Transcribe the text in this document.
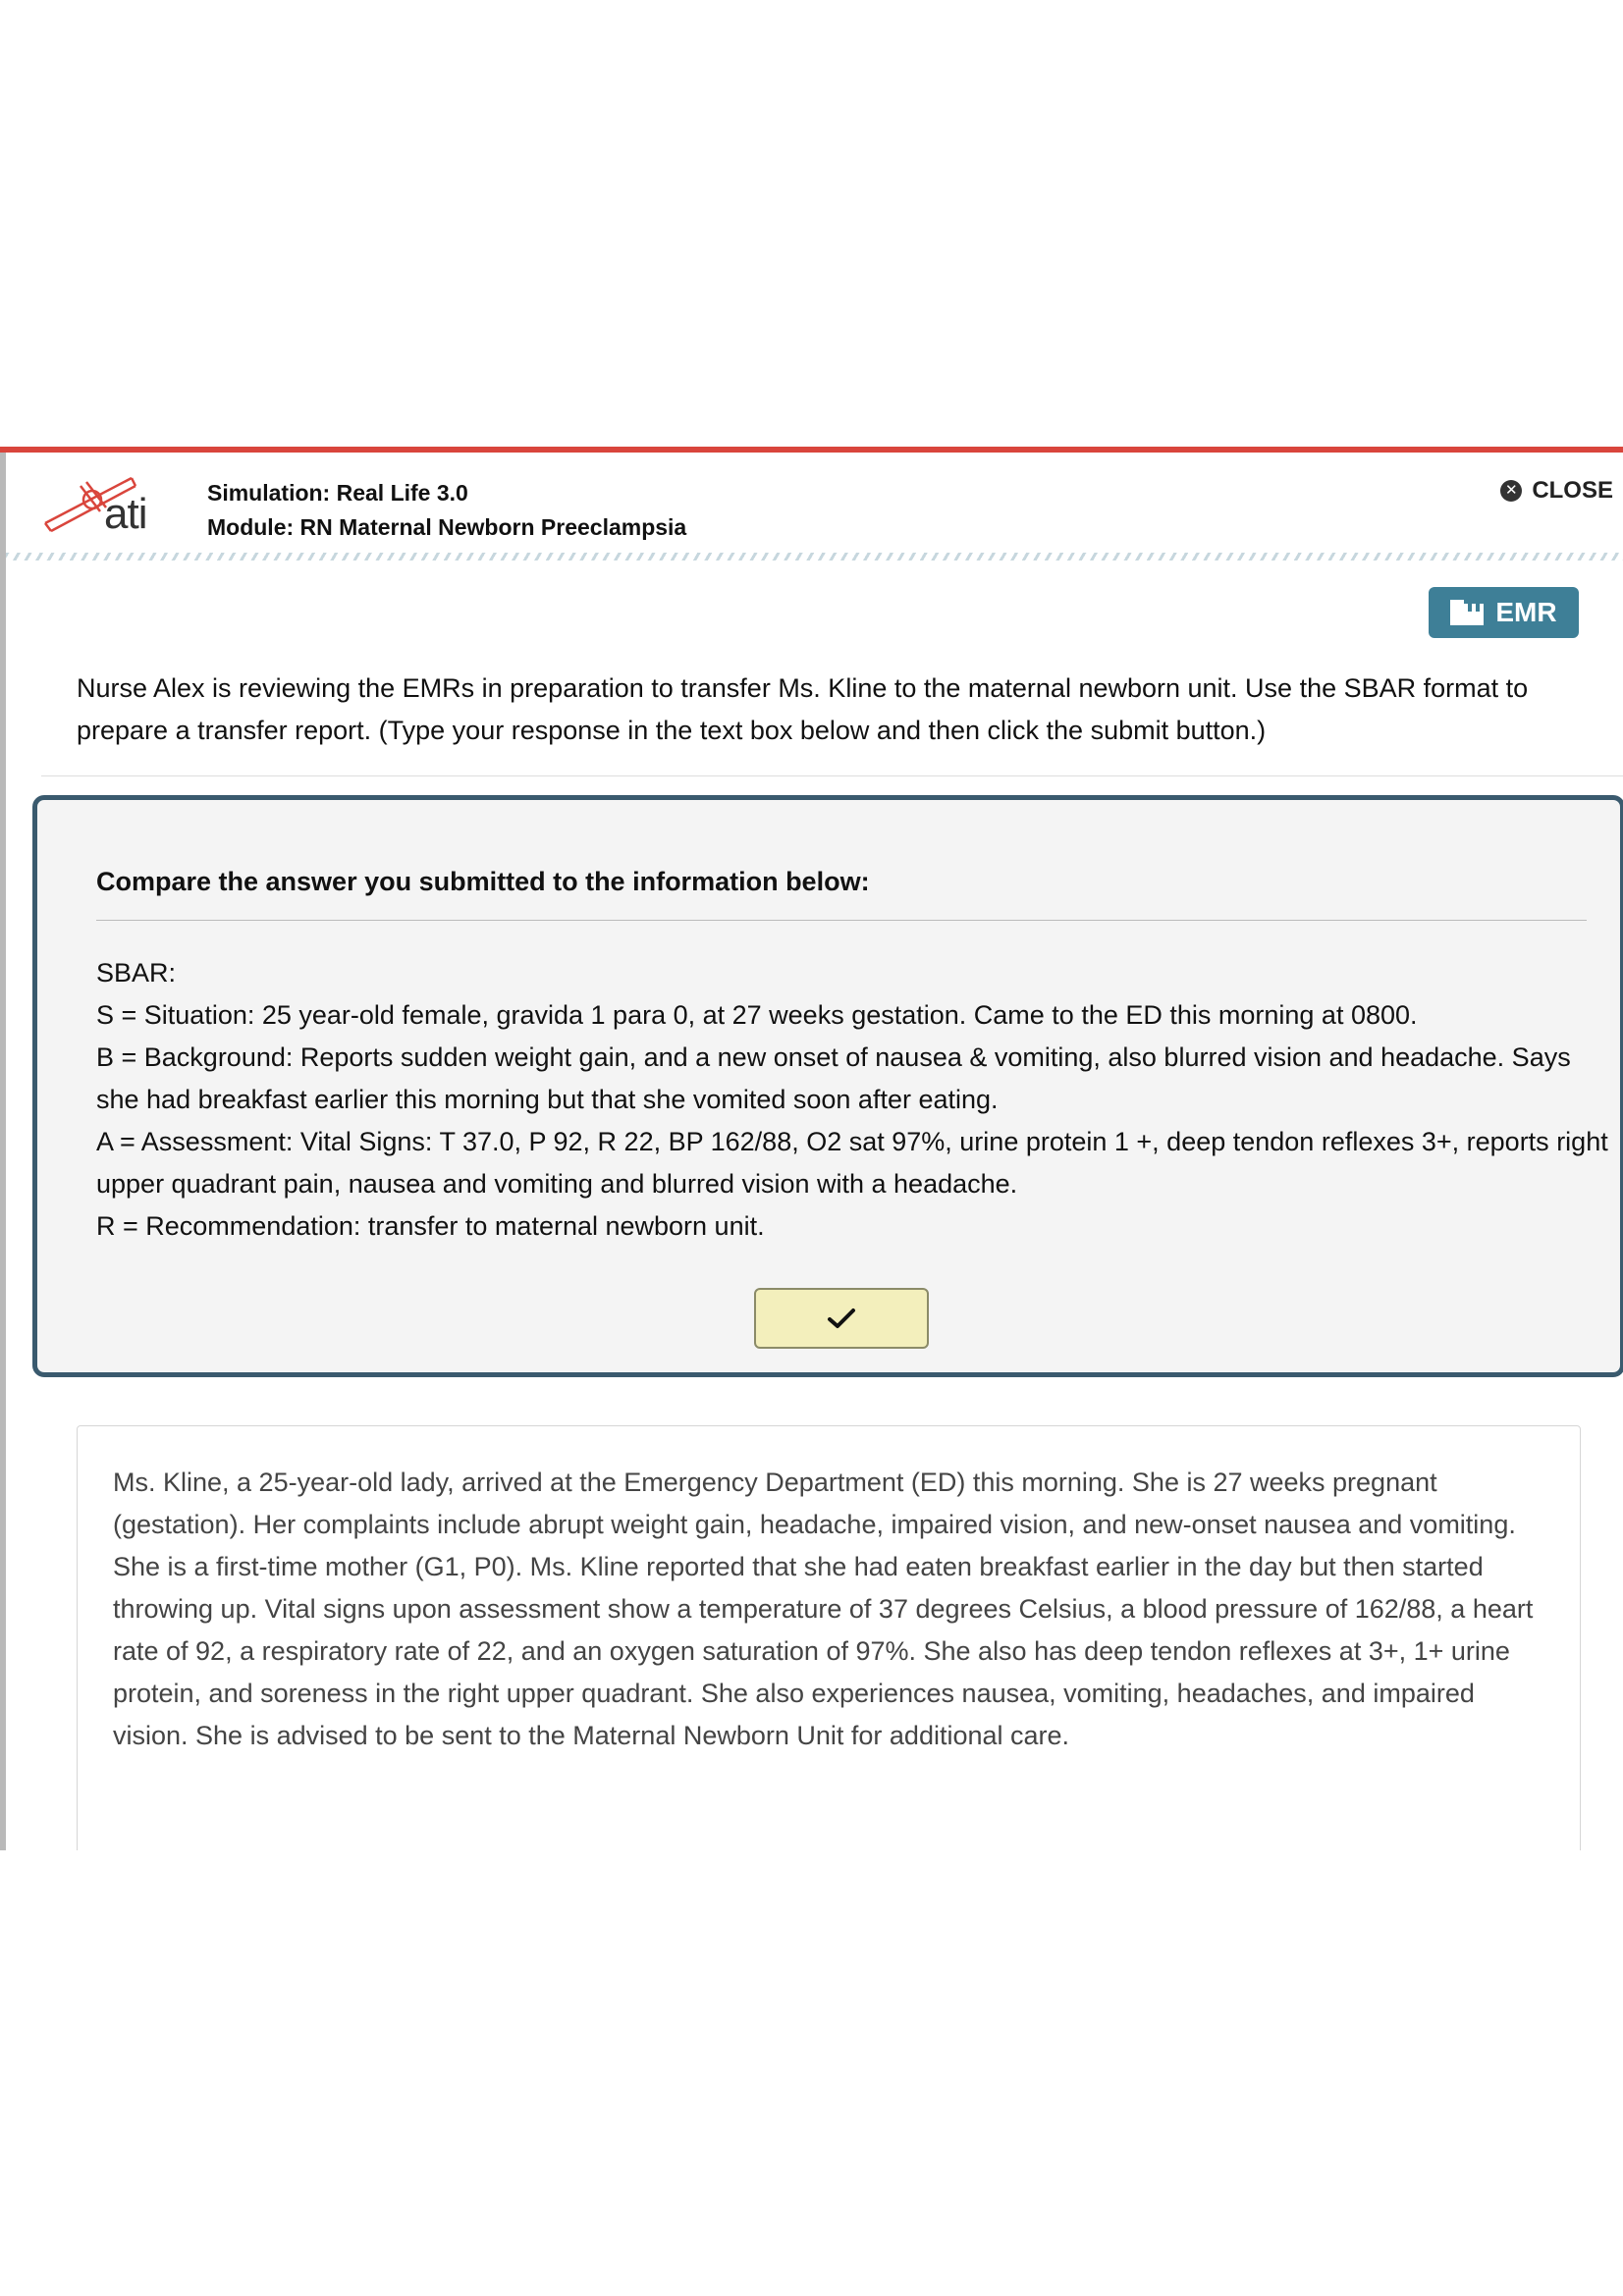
ati	Simulation: Real Life 3.0
Module: RN Maternal Newborn Preeclampsia
✕ CLOSE
EMR
Nurse Alex is reviewing the EMRs in preparation to transfer Ms. Kline to the maternal newborn unit. Use the SBAR format to prepare a transfer report. (Type your response in the text box below and then click the submit button.)
Compare the answer you submitted to the information below:
SBAR:
S = Situation: 25 year-old female, gravida 1 para 0, at 27 weeks gestation. Came to the ED this morning at 0800.
B = Background: Reports sudden weight gain, and a new onset of nausea & vomiting, also blurred vision and headache. Says she had breakfast earlier this morning but that she vomited soon after eating.
A = Assessment: Vital Signs: T 37.0, P 92, R 22, BP 162/88, O2 sat 97%, urine protein 1 +, deep tendon reflexes 3+, reports right upper quadrant pain, nausea and vomiting and blurred vision with a headache.
R = Recommendation: transfer to maternal newborn unit.
Ms. Kline, a 25-year-old lady, arrived at the Emergency Department (ED) this morning. She is 27 weeks pregnant (gestation). Her complaints include abrupt weight gain, headache, impaired vision, and new-onset nausea and vomiting. She is a first-time mother (G1, P0). Ms. Kline reported that she had eaten breakfast earlier in the day but then started throwing up. Vital signs upon assessment show a temperature of 37 degrees Celsius, a blood pressure of 162/88, a heart rate of 92, a respiratory rate of 22, and an oxygen saturation of 97%. She also has deep tendon reflexes at 3+, 1+ urine protein, and soreness in the right upper quadrant. She also experiences nausea, vomiting, headaches, and impaired vision. She is advised to be sent to the Maternal Newborn Unit for additional care.
